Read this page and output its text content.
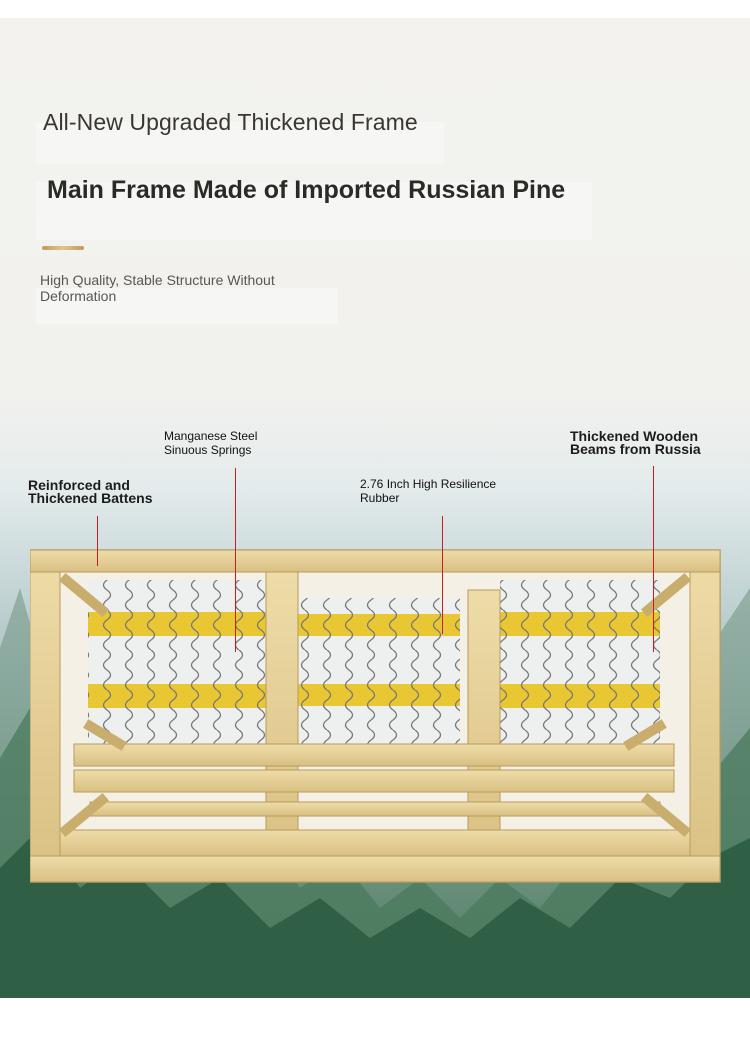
All-New Upgraded Thickened Frame
Main Frame Made of Imported Russian Pine

High Quality, Stable Structure Without Deformation

Manganese Steel Sinuous Springs
Reinforced and Thickened Battens
2.76 Inch High Resilience Rubber
Thickened Wooden Beams from Russia
